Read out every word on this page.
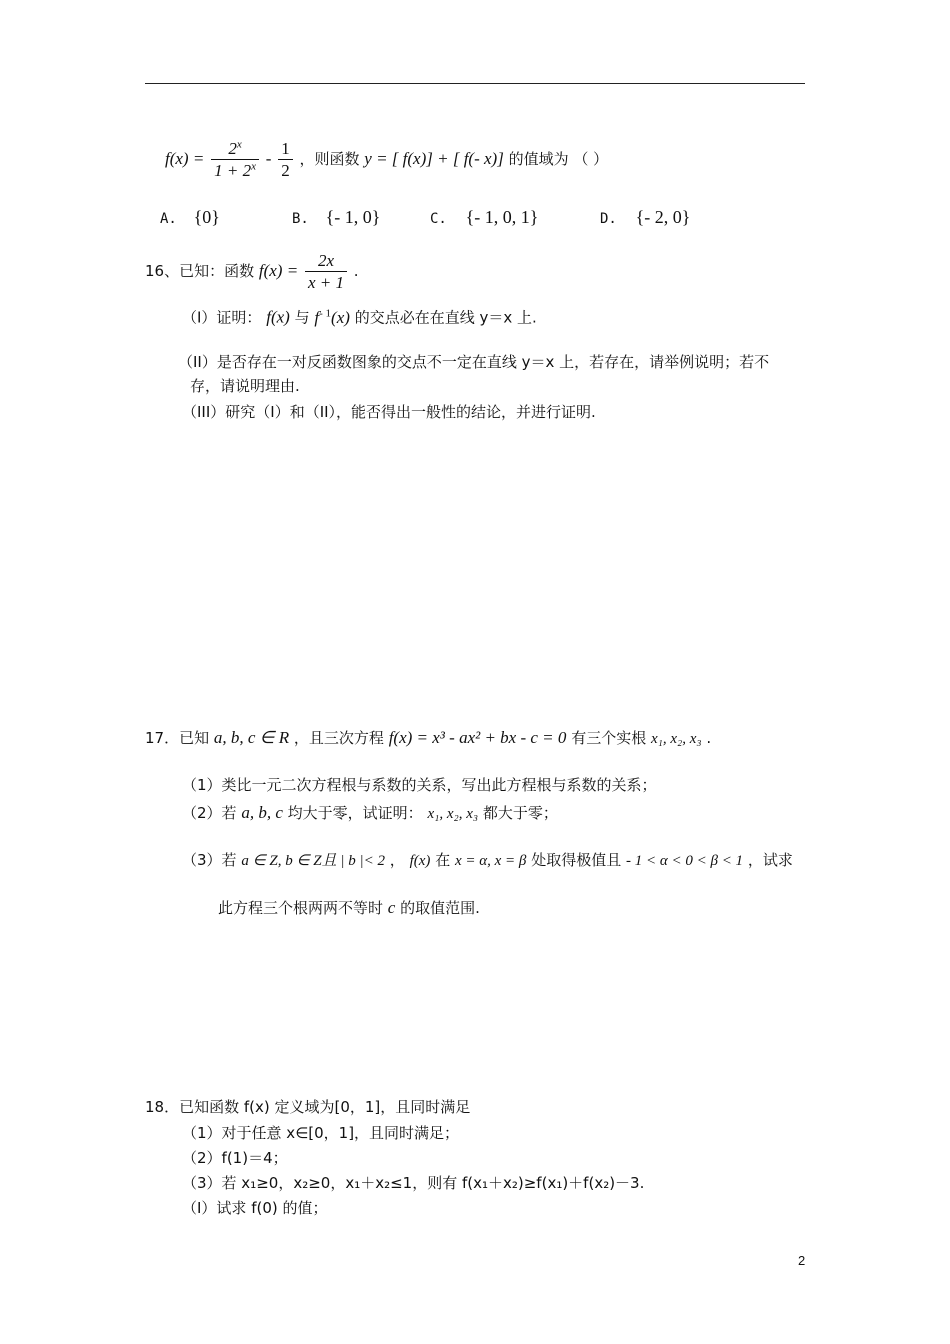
$f(x) = \frac{2^x}{1 + 2^x} - \frac{1}{2}$ ，则函数 y = [ f(x)] + [ f(- x)] 的值域为 （ ）
A. {0}	B. {- 1, 0}	C. {- 1, 0, 1}	D. {- 2, 0}
16、已知：函数 $f(x) = \frac{2x}{x + 1}$ .
（I）证明： f(x) 与 $f^{- 1}(x)$ 的交点必在在直线 y＝x 上.
（II）是否存在一对反函数图象的交点不一定在直线 y＝x 上，若存在，请举例说明；若不
存，请说明理由.
（III）研究（I）和（II），能否得出一般性的结论，并进行证明.
17．已知 a, b, c ∈ R ，且三次方程 f(x) = x³ - ax² + bx - c = 0 有三个实根 x₁, x₂, x₃ .
（1）类比一元二次方程根与系数的关系，写出此方程根与系数的关系；
（2）若 a, b, c 均大于零，试证明： x₁, x₂, x₃ 都大于零；
（3）若 a ∈ Z, b ∈ Z且 | b |< 2 ， f(x) 在 x = α, x = β 处取得极值且 - 1 < α < 0 < β < 1 ，试求
此方程三个根两两不等时 c 的取值范围.
18．已知函数 f(x) 定义域为[0，1]，且同时满足
（1）对于任意 x∈[0，1]，且同时满足；
（2）f(1)＝4；
（3）若 x₁≥0，x₂≥0，x₁＋x₂≤1，则有 f(x₁＋x₂)≥f(x₁)＋f(x₂)－3.
（Ⅰ）试求 f(0) 的值；
2
